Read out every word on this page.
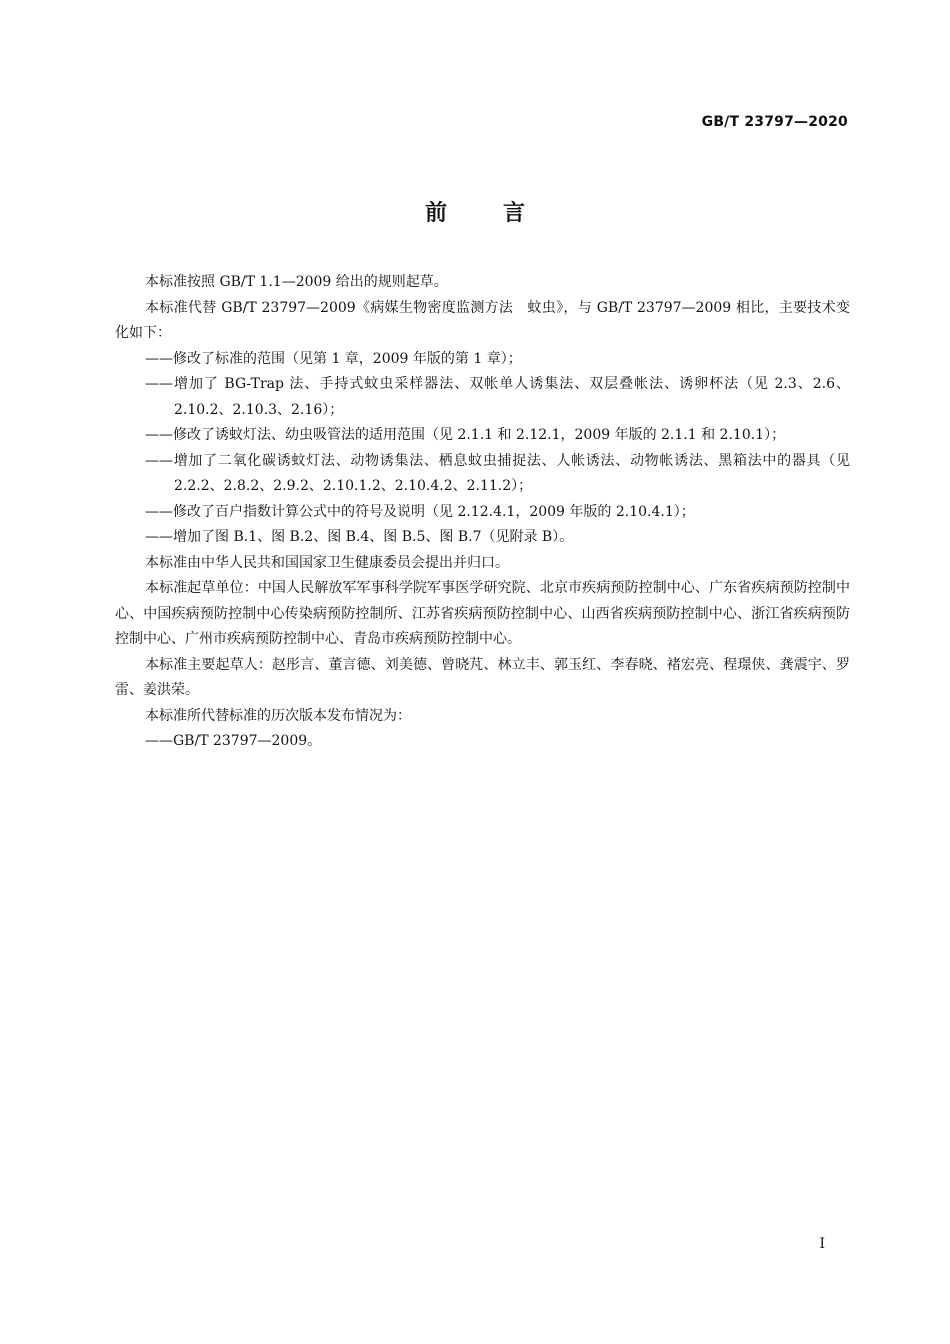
GB/T 23797—2020
前言

本标准按照 GB/T 1.1—2009 给出的规则起草。

本标准代替 GB/T 23797—2009《病媒生物密度监测方法　蚊虫》，与 GB/T 23797—2009 相比，主要技术变化如下：

——修改了标准的范围（见第 1 章，2009 年版的第 1 章）；

——增加了 BG-Trap 法、手持式蚊虫采样器法、双帐单人诱集法、双层叠帐法、诱卵杯法（见 2.3、2.6、2.10.2、2.10.3、2.16）；

——修改了诱蚊灯法、幼虫吸管法的适用范围（见 2.1.1 和 2.12.1，2009 年版的 2.1.1 和 2.10.1）；

——增加了二氧化碳诱蚊灯法、动物诱集法、栖息蚊虫捕捉法、人帐诱法、动物帐诱法、黑箱法中的器具（见 2.2.2、2.8.2、2.9.2、2.10.1.2、2.10.4.2、2.11.2）；

——修改了百户指数计算公式中的符号及说明（见 2.12.4.1，2009 年版的 2.10.4.1）；

——增加了图 B.1、图 B.2、图 B.4、图 B.5、图 B.7（见附录 B）。

本标准由中华人民共和国国家卫生健康委员会提出并归口。

本标准起草单位：中国人民解放军军事科学院军事医学研究院、北京市疾病预防控制中心、广东省疾病预防控制中心、中国疾病预防控制中心传染病预防控制所、江苏省疾病预防控制中心、山西省疾病预防控制中心、浙江省疾病预防控制中心、广州市疾病预防控制中心、青岛市疾病预防控制中心。

本标准主要起草人：赵彤言、董言德、刘美德、曾晓芃、林立丰、郭玉红、李春晓、褚宏亮、程璟侠、龚震宇、罗雷、姜洪荣。

本标准所代替标准的历次版本发布情况为：

——GB/T 23797—2009。

I
